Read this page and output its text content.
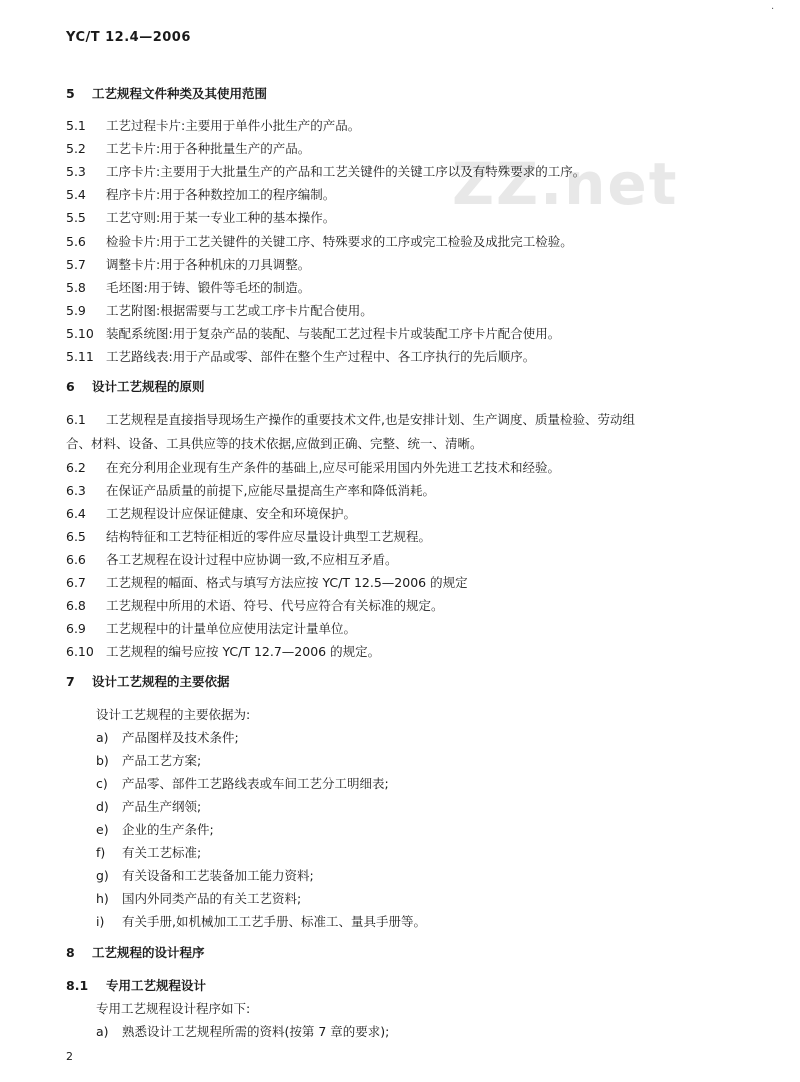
·
YC/T 12.4—2006
ZZ.net
5 工艺规程文件种类及其使用范围
5.1 工艺过程卡片:主要用于单件小批生产的产品。
5.2 工艺卡片:用于各种批量生产的产品。
5.3 工序卡片:主要用于大批量生产的产品和工艺关键件的关键工序以及有特殊要求的工序。
5.4 程序卡片:用于各种数控加工的程序编制。
5.5 工艺守则:用于某一专业工种的基本操作。
5.6 检验卡片:用于工艺关键件的关键工序、特殊要求的工序或完工检验及成批完工检验。
5.7 调整卡片:用于各种机床的刀具调整。
5.8 毛坯图:用于铸、锻件等毛坯的制造。
5.9 工艺附图:根据需要与工艺或工序卡片配合使用。
5.10 装配系统图:用于复杂产品的装配、与装配工艺过程卡片或装配工序卡片配合使用。
5.11 工艺路线表:用于产品或零、部件在整个生产过程中、各工序执行的先后顺序。
6 设计工艺规程的原则
6.1 工艺规程是直接指导现场生产操作的重要技术文件,也是安排计划、生产调度、质量检验、劳动组
合、材料、设备、工具供应等的技术依据,应做到正确、完整、统一、清晰。
6.2 在充分利用企业现有生产条件的基础上,应尽可能采用国内外先进工艺技术和经验。
6.3 在保证产品质量的前提下,应能尽量提高生产率和降低消耗。
6.4 工艺规程设计应保证健康、安全和环境保护。
6.5 结构特征和工艺特征相近的零件应尽量设计典型工艺规程。
6.6 各工艺规程在设计过程中应协调一致,不应相互矛盾。
6.7 工艺规程的幅面、格式与填写方法应按 YC/T 12.5—2006 的规定
6.8 工艺规程中所用的术语、符号、代号应符合有关标准的规定。
6.9 工艺规程中的计量单位应使用法定计量单位。
6.10 工艺规程的编号应按 YC/T 12.7—2006 的规定。
7 设计工艺规程的主要依据
设计工艺规程的主要依据为:
a) 产品图样及技术条件;
b) 产品工艺方案;
c) 产品零、部件工艺路线表或车间工艺分工明细表;
d) 产品生产纲领;
e) 企业的生产条件;
f) 有关工艺标准;
g) 有关设备和工艺装备加工能力资料;
h) 国内外同类产品的有关工艺资料;
i) 有关手册,如机械加工工艺手册、标准工、量具手册等。
8 工艺规程的设计程序
8.1 专用工艺规程设计
专用工艺规程设计程序如下:
a) 熟悉设计工艺规程所需的资料(按第 7 章的要求);
2
